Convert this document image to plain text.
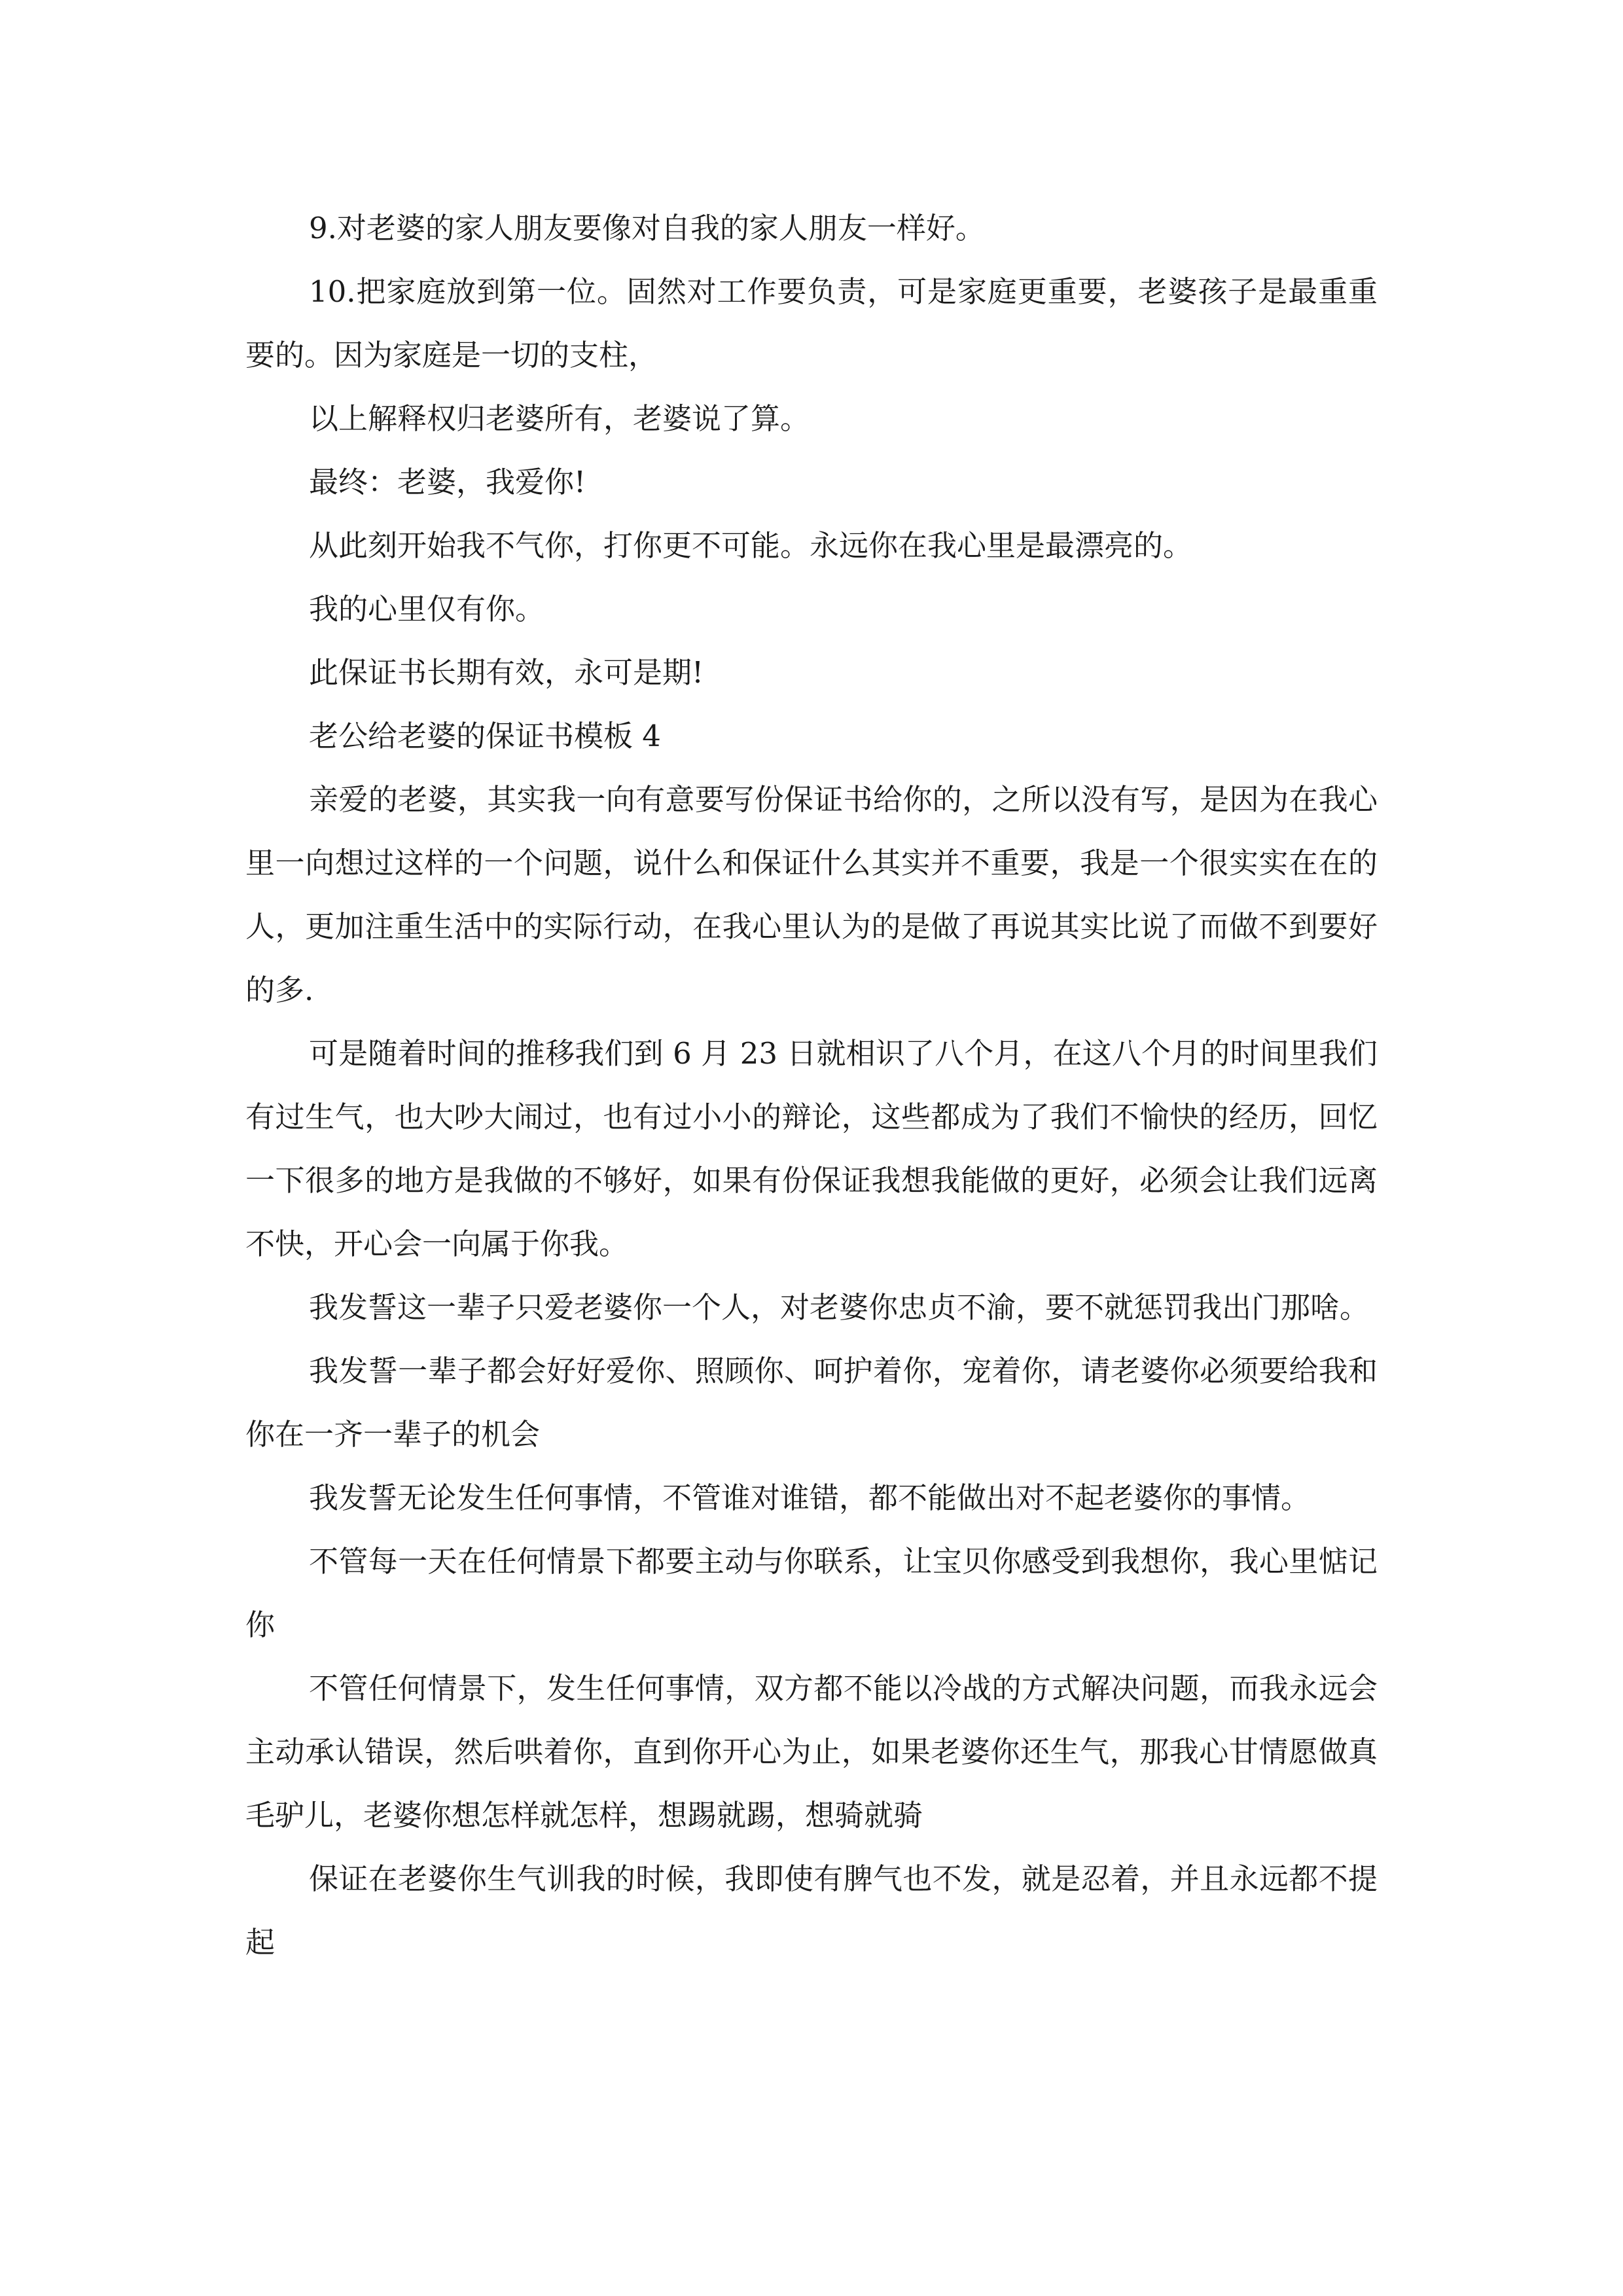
9.对老婆的家人朋友要像对自我的家人朋友一样好。

10.把家庭放到第一位。固然对工作要负责，可是家庭更重要，老婆孩子是最重重要的。因为家庭是一切的支柱，

以上解释权归老婆所有，老婆说了算。

最终：老婆，我爱你!

从此刻开始我不气你，打你更不可能。永远你在我心里是最漂亮的。

我的心里仅有你。

此保证书长期有效，永可是期!

老公给老婆的保证书模板 4

亲爱的老婆，其实我一向有意要写份保证书给你的，之所以没有写，是因为在我心里一向想过这样的一个问题，说什么和保证什么其实并不重要，我是一个很实实在在的人，更加注重生活中的实际行动，在我心里认为的是做了再说其实比说了而做不到要好的多.

可是随着时间的推移我们到 6 月 23 日就相识了八个月，在这八个月的时间里我们有过生气，也大吵大闹过，也有过小小的辩论，这些都成为了我们不愉快的经历，回忆一下很多的地方是我做的不够好，如果有份保证我想我能做的更好，必须会让我们远离不快，开心会一向属于你我。

我发誓这一辈子只爱老婆你一个人，对老婆你忠贞不渝，要不就惩罚我出门那啥。

我发誓一辈子都会好好爱你、照顾你、呵护着你，宠着你，请老婆你必须要给我和你在一齐一辈子的机会

我发誓无论发生任何事情，不管谁对谁错，都不能做出对不起老婆你的事情。

不管每一天在任何情景下都要主动与你联系，让宝贝你感受到我想你，我心里惦记你

不管任何情景下，发生任何事情，双方都不能以冷战的方式解决问题，而我永远会主动承认错误，然后哄着你，直到你开心为止，如果老婆你还生气，那我心甘情愿做真毛驴儿，老婆你想怎样就怎样，想踢就踢，想骑就骑

保证在老婆你生气训我的时候，我即使有脾气也不发，就是忍着，并且永远都不提起
